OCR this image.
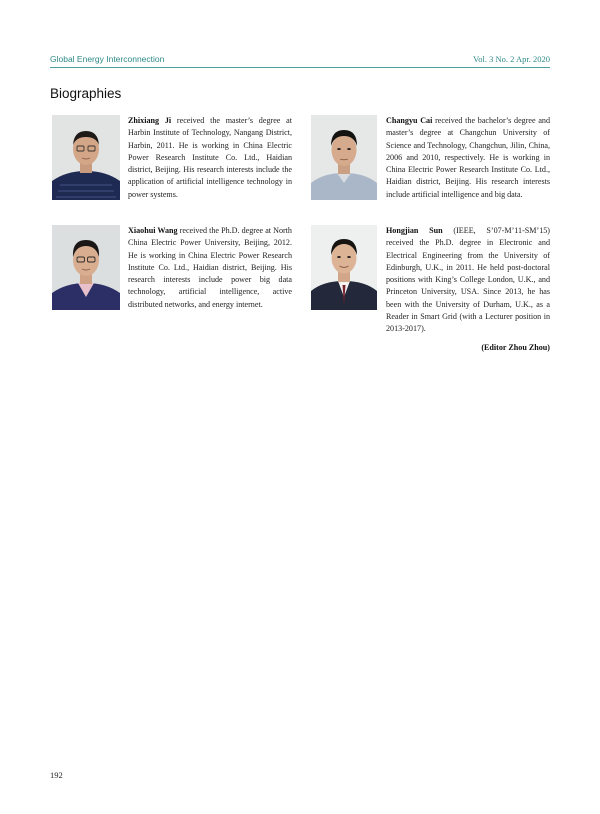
Global Energy Interconnection	Vol. 3 No. 2 Apr. 2020
Biographies

Zhixiang Ji received the master’s degree at Harbin Institute of Technology, Nangang District, Harbin, 2011. He is working in China Electric Power Research Institute Co. Ltd., Haidian district, Beijing. His research interests include the application of artificial intelligence technology in power systems.

Changyu Cai received the bachelor’s degree and master’s degree at Changchun University of Science and Technology, Changchun, Jilin, China, 2006 and 2010, respectively. He is working in China Electric Power Research Institute Co. Ltd., Haidian district, Beijing. His research interests include artificial intelligence and big data.

Xiaohui Wang received the Ph.D. degree at North China Electric Power University, Beijing, 2012. He is working in China Electric Power Research Institute Co. Ltd., Haidian district, Beijing. His research interests include power big data technology, artificial intelligence, active distributed networks, and energy internet.

Hongjian Sun (IEEE, S’07-M’11-SM’15) received the Ph.D. degree in Electronic and Electrical Engineering from the University of Edinburgh, U.K., in 2011. He held post-doctoral positions with King’s College London, U.K., and Princeton University, USA. Since 2013, he has been with the University of Durham, U.K., as a Reader in Smart Grid (with a Lecturer position in 2013-2017).

(Editor Zhou Zhou)
192
